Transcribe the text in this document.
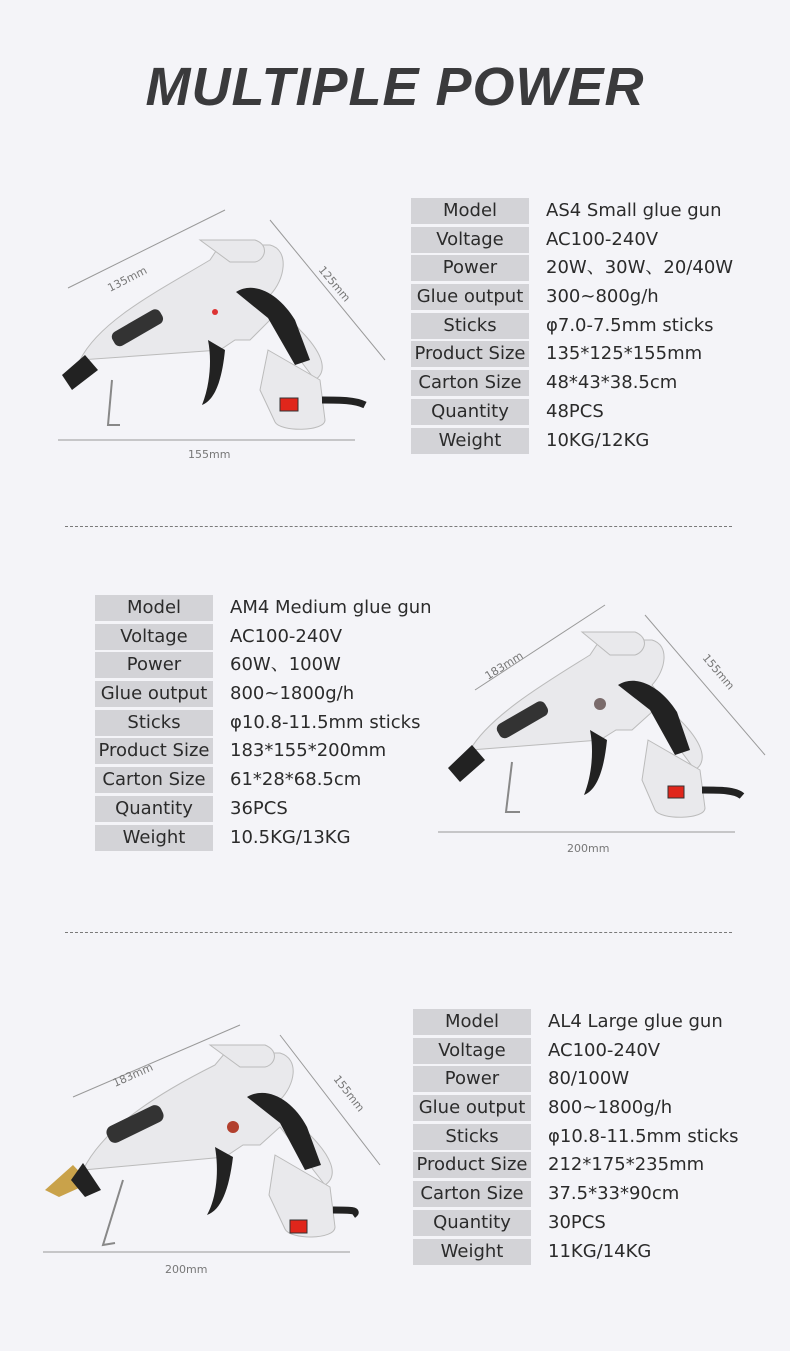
MULTIPLE POWER
135mm	125mm
155mm
Model	AS4 Small glue gun
Voltage	AC100-240V
Power	20W、30W、20/40W
Glue output	300~800g/h
Sticks	φ7.0-7.5mm sticks
Product Size 135*125*155mm
Carton Size	48*43*38.5cm
Quantity	48PCS
Weight	10KG/12KG
Model	AM4 Medium glue gun
Voltage	AC100-240V
Power	60W、100W
Glue output	800~1800g/h
Sticks	φ10.8-11.5mm sticks
Product Size 183*155*200mm
Carton Size	61*28*68.5cm
Quantity	36PCS
Weight	10.5KG/13KG
183mm	155mm
200mm
183mm	155mm
200mm
Model	AL4 Large glue gun
Voltage	AC100-240V
Power	80/100W
Glue output	800~1800g/h
Sticks	φ10.8-11.5mm sticks
Product Size 212*175*235mm
Carton Size	37.5*33*90cm
Quantity	30PCS
Weight	11KG/14KG
